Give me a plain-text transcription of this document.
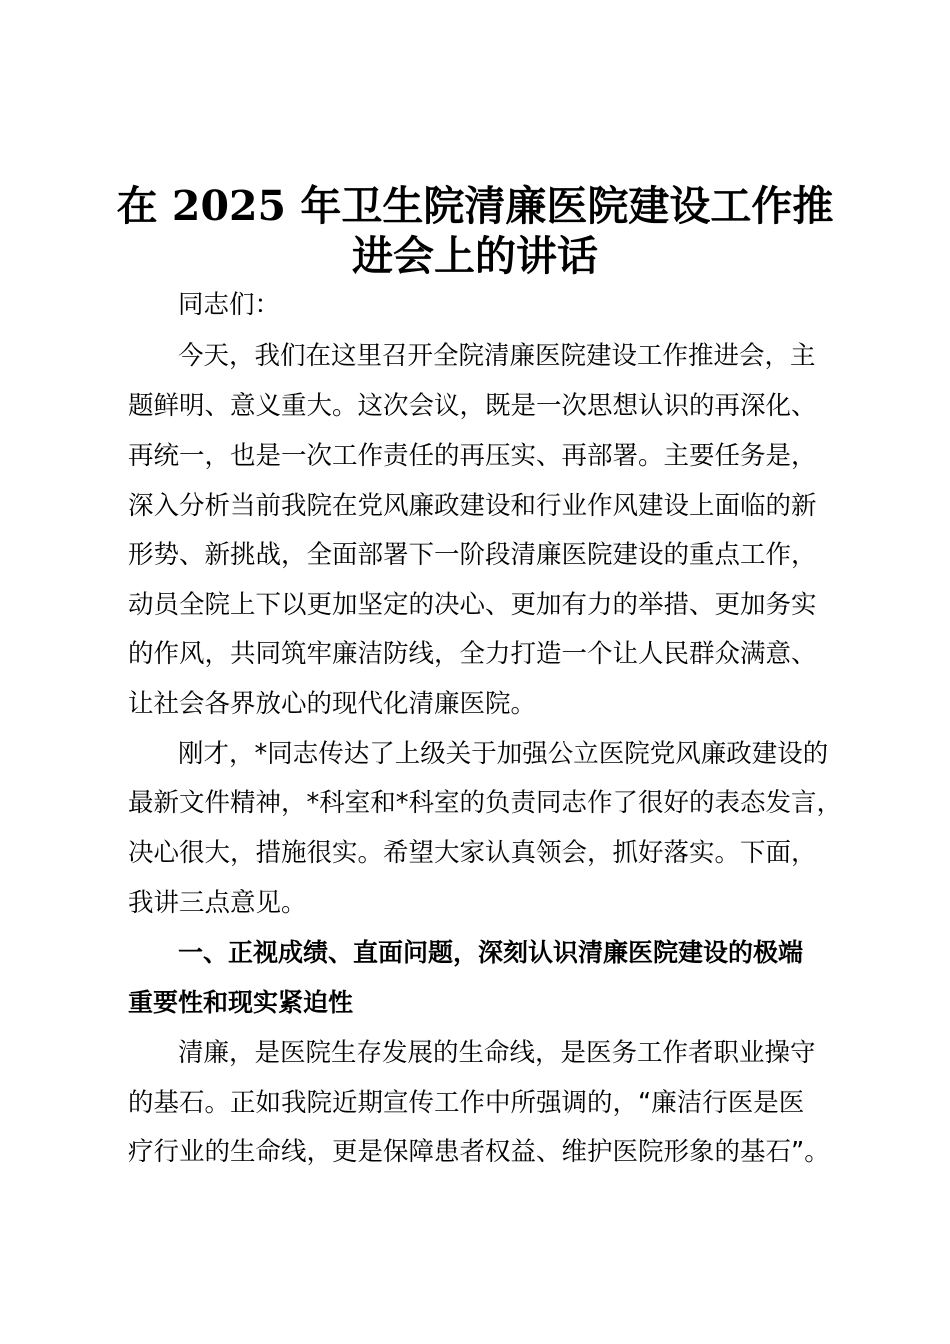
在 2025 年卫生院清廉医院建设工作推
进会上的讲话
同志们：
今天，我们在这里召开全院清廉医院建设工作推进会，主
题鲜明、意义重大。这次会议，既是一次思想认识的再深化、
再统一，也是一次工作责任的再压实、再部署。主要任务是，
深入分析当前我院在党风廉政建设和行业作风建设上面临的新
形势、新挑战，全面部署下一阶段清廉医院建设的重点工作，
动员全院上下以更加坚定的决心、更加有力的举措、更加务实
的作风，共同筑牢廉洁防线，全力打造一个让人民群众满意、
让社会各界放心的现代化清廉医院。
刚才，*同志传达了上级关于加强公立医院党风廉政建设的
最新文件精神，*科室和*科室的负责同志作了很好的表态发言，
决心很大，措施很实。希望大家认真领会，抓好落实。下面，
我讲三点意见。
一、正视成绩、直面问题，深刻认识清廉医院建设的极端
重要性和现实紧迫性
清廉，是医院生存发展的生命线，是医务工作者职业操守
的基石。正如我院近期宣传工作中所强调的，“廉洁行医是医
疗行业的生命线，更是保障患者权益、维护医院形象的基石”。
